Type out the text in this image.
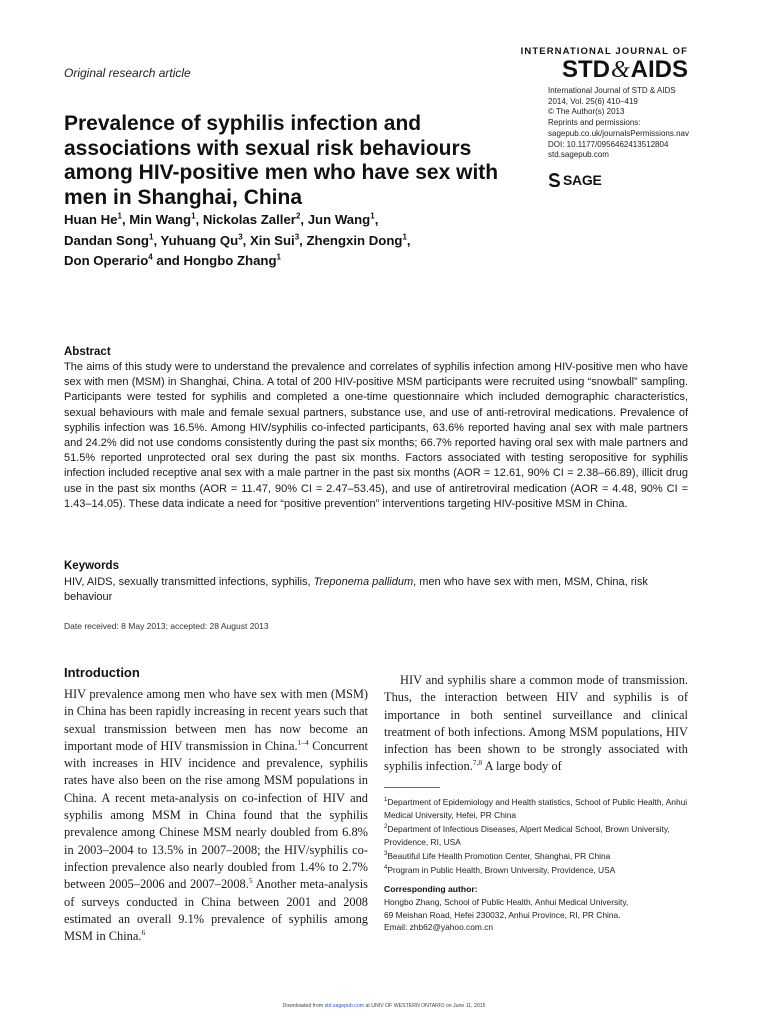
Original research article
INTERNATIONAL JOURNAL OF
STD&AIDS
International Journal of STD & AIDS
2014, Vol. 25(6) 410–419
© The Author(s) 2013
Reprints and permissions:
sagepub.co.uk/journalsPermissions.nav
DOI: 10.1177/0956462413512804
std.sagepub.com
SAGE
Prevalence of syphilis infection and associations with sexual risk behaviours among HIV-positive men who have sex with men in Shanghai, China
Huan He$^1$, Min Wang$^1$, Nickolas Zaller$^2$, Jun Wang$^1$,
Dandan Song$^1$, Yuhuang Qu$^3$, Xin Sui$^3$, Zhengxin Dong$^1$,
Don Operario$^4$ and Hongbo Zhang$^1$
Abstract
The aims of this study were to understand the prevalence and correlates of syphilis infection among HIV-positive men who have sex with men (MSM) in Shanghai, China. A total of 200 HIV-positive MSM participants were recruited using “snowball” sampling. Participants were tested for syphilis and completed a one-time questionnaire which included demographic characteristics, sexual behaviours with male and female sexual partners, substance use, and use of anti-retroviral medications. Prevalence of syphilis infection was 16.5%. Among HIV/syphilis co-infected participants, 63.6% reported having anal sex with male partners and 24.2% did not use condoms consistently during the past six months; 66.7% reported having oral sex with male partners and 51.5% reported unprotected oral sex during the past six months. Factors associated with testing seropositive for syphilis infection included receptive anal sex with a male partner in the past six months (AOR = 12.61, 90% CI = 2.38–66.89), illicit drug use in the past six months (AOR = 11.47, 90% CI = 2.47–53.45), and use of antiretroviral medication (AOR = 4.48, 90% CI = 1.43–14.05). These data indicate a need for “positive prevention” interventions targeting HIV-positive MSM in China.
Keywords
HIV, AIDS, sexually transmitted infections, syphilis, Treponema pallidum, men who have sex with men, MSM, China, risk behaviour
Date received: 8 May 2013; accepted: 28 August 2013
Introduction
HIV prevalence among men who have sex with men (MSM) in China has been rapidly increasing in recent years such that sexual transmission between men has now become an important mode of HIV transmission in China.$^{1-4}$ Concurrent with increases in HIV incidence and prevalence, syphilis rates have also been on the rise among MSM populations in China. A recent meta-analysis on co-infection of HIV and syphilis among MSM in China found that the syphilis prevalence among Chinese MSM nearly doubled from 6.8% in 2003–2004 to 13.5% in 2007–2008; the HIV/syphilis co-infection prevalence also nearly doubled from 1.4% to 2.7% between 2005–2006 and 2007–2008.$^5$ Another meta-analysis of surveys conducted in China between 2001 and 2008 estimated an overall 9.1% prevalence of syphilis among MSM in China.$^6$
HIV and syphilis share a common mode of transmission. Thus, the interaction between HIV and syphilis is of importance in both sentinel surveillance and clinical treatment of both infections. Among MSM populations, HIV infection has been shown to be strongly associated with syphilis infection.$^{7,8}$ A large body of
$^1$Department of Epidemiology and Health statistics, School of Public Health, Anhui Medical University, Hefei, PR China
$^2$Department of Infectious Diseases, Alpert Medical School, Brown University, Providence, RI, USA
$^3$Beautiful Life Health Promotion Center, Shanghai, PR China
$^4$Program in Public Health, Brown University, Providence, USA
Corresponding author:
Hongbo Zhang, School of Public Health, Anhui Medical University,
69 Meishan Road, Hefei 230032, Anhui Province, RI, PR China.
Email: zhb62@yahoo.com.cn
Downloaded from std.sagepub.com at UNIV OF WESTERN ONTARIO on June 11, 2015
